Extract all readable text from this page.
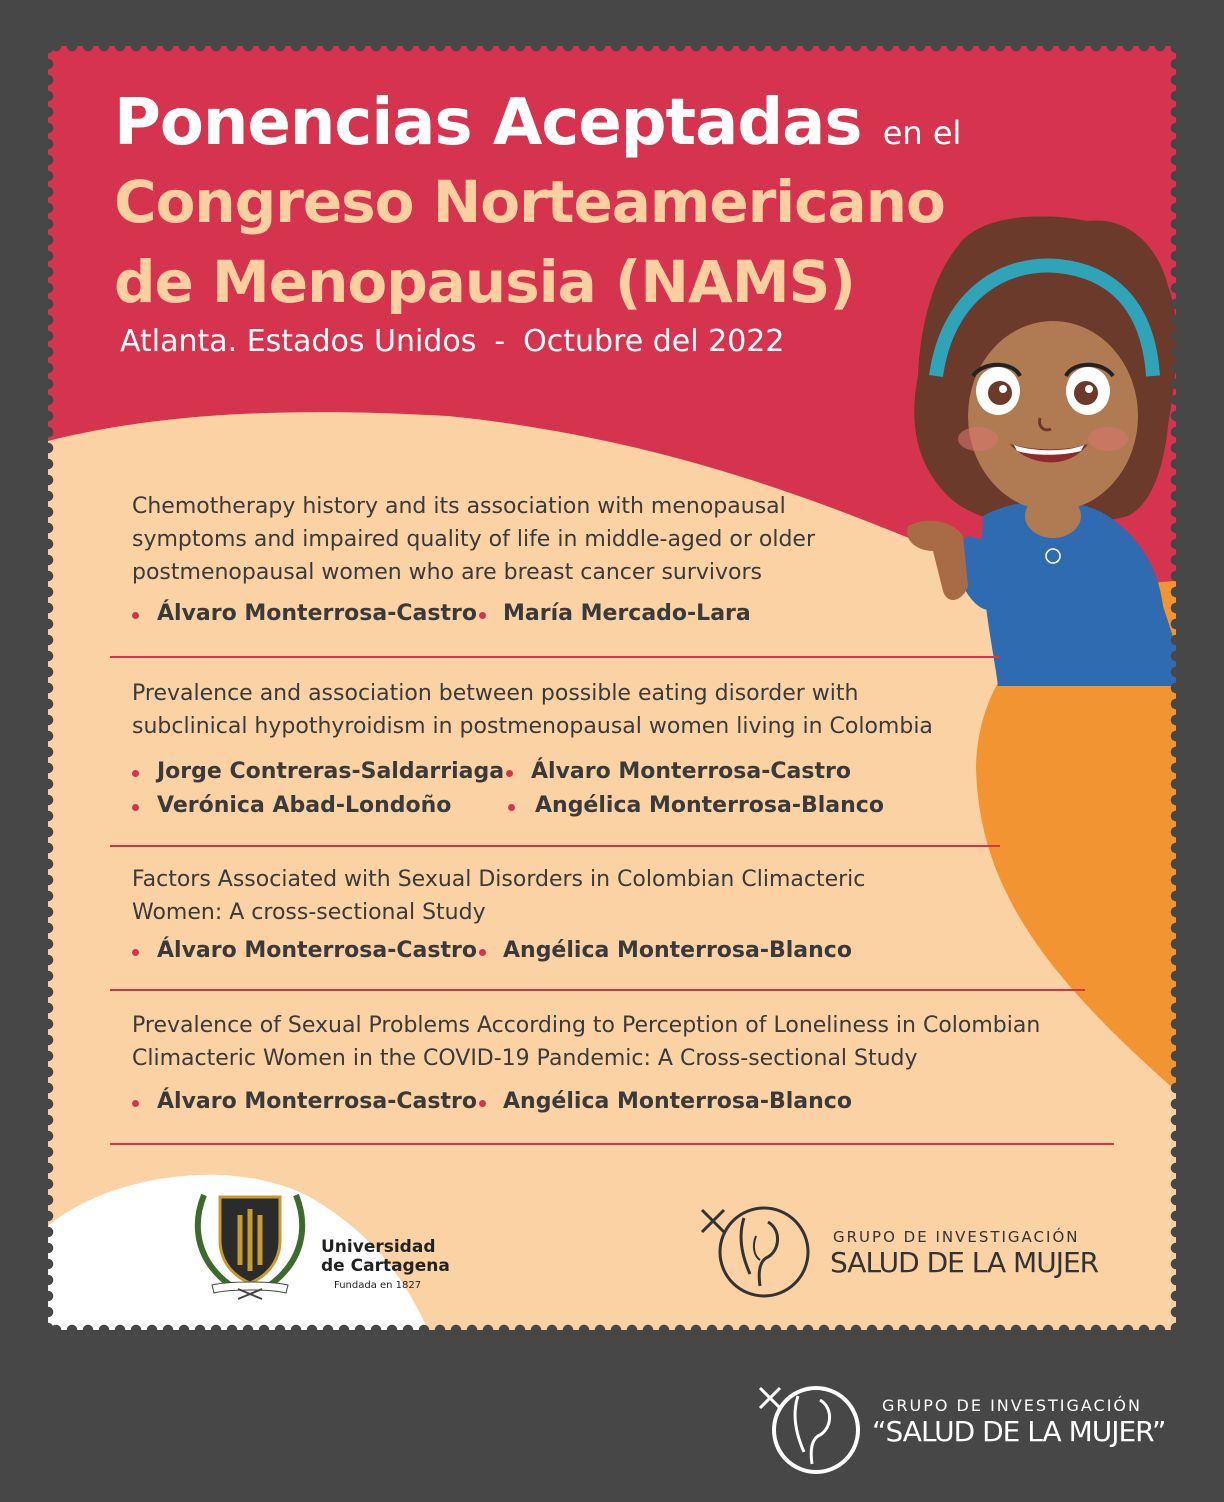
Ponencias Aceptadas en el
Congreso Norteamericano
de Menopausia (NAMS)
Atlanta. Estados Unidos - Octubre del 2022
Chemotherapy history and its association with menopausal
symptoms and impaired quality of life in middle-aged or older
postmenopausal women who are breast cancer survivors
Álvaro Monterrosa-Castro María Mercado-Lara
Prevalence and association between possible eating disorder with
subclinical hypothyroidism in postmenopausal women living in Colombia
Jorge Contreras-Saldarriaga Álvaro Monterrosa-Castro
Verónica Abad-Londoño	Angélica Monterrosa-Blanco
Factors Associated with Sexual Disorders in Colombian Climacteric
Women: A cross-sectional Study
Álvaro Monterrosa-Castro Angélica Monterrosa-Blanco
Prevalence of Sexual Problems According to Perception of Loneliness in Colombian
Climacteric Women in the COVID-19 Pandemic: A Cross-sectional Study
Álvaro Monterrosa-Castro Angélica Monterrosa-Blanco
Universidad
de Cartagena
Fundada en 1827
GRUPO DE INVESTIGACIÓN
SALUD DE LA MUJER
GRUPO DE INVESTIGACIÓN
“SALUD DE LA MUJER”
